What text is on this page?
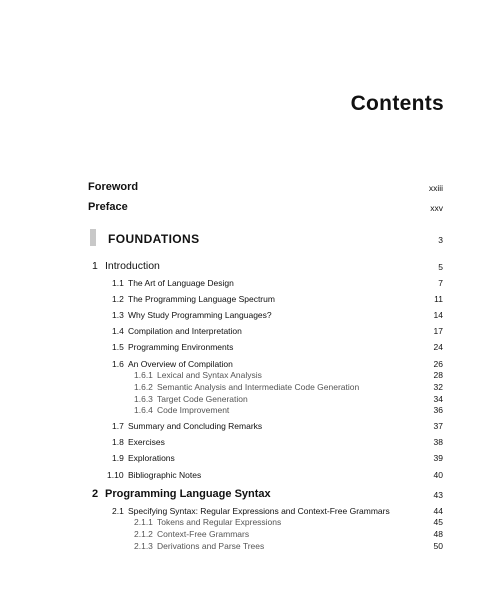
Contents
Foreword	xxiii
Preface	xxv
FOUNDATIONS	3
1 Introduction	5
1.1 The Art of Language Design	7
1.2 The Programming Language Spectrum	11
1.3 Why Study Programming Languages?	14
1.4 Compilation and Interpretation	17
1.5 Programming Environments	24
1.6 An Overview of Compilation	26
1.6.1 Lexical and Syntax Analysis	28
1.6.2 Semantic Analysis and Intermediate Code Generation	32
1.6.3 Target Code Generation	34
1.6.4 Code Improvement	36
1.7 Summary and Concluding Remarks	37
1.8 Exercises	38
1.9 Explorations	39
1.10 Bibliographic Notes	40
2 Programming Language Syntax	43
2.1 Specifying Syntax: Regular Expressions and Context-Free Grammars	44
2.1.1 Tokens and Regular Expressions	45
2.1.2 Context-Free Grammars	48
2.1.3 Derivations and Parse Trees	50
